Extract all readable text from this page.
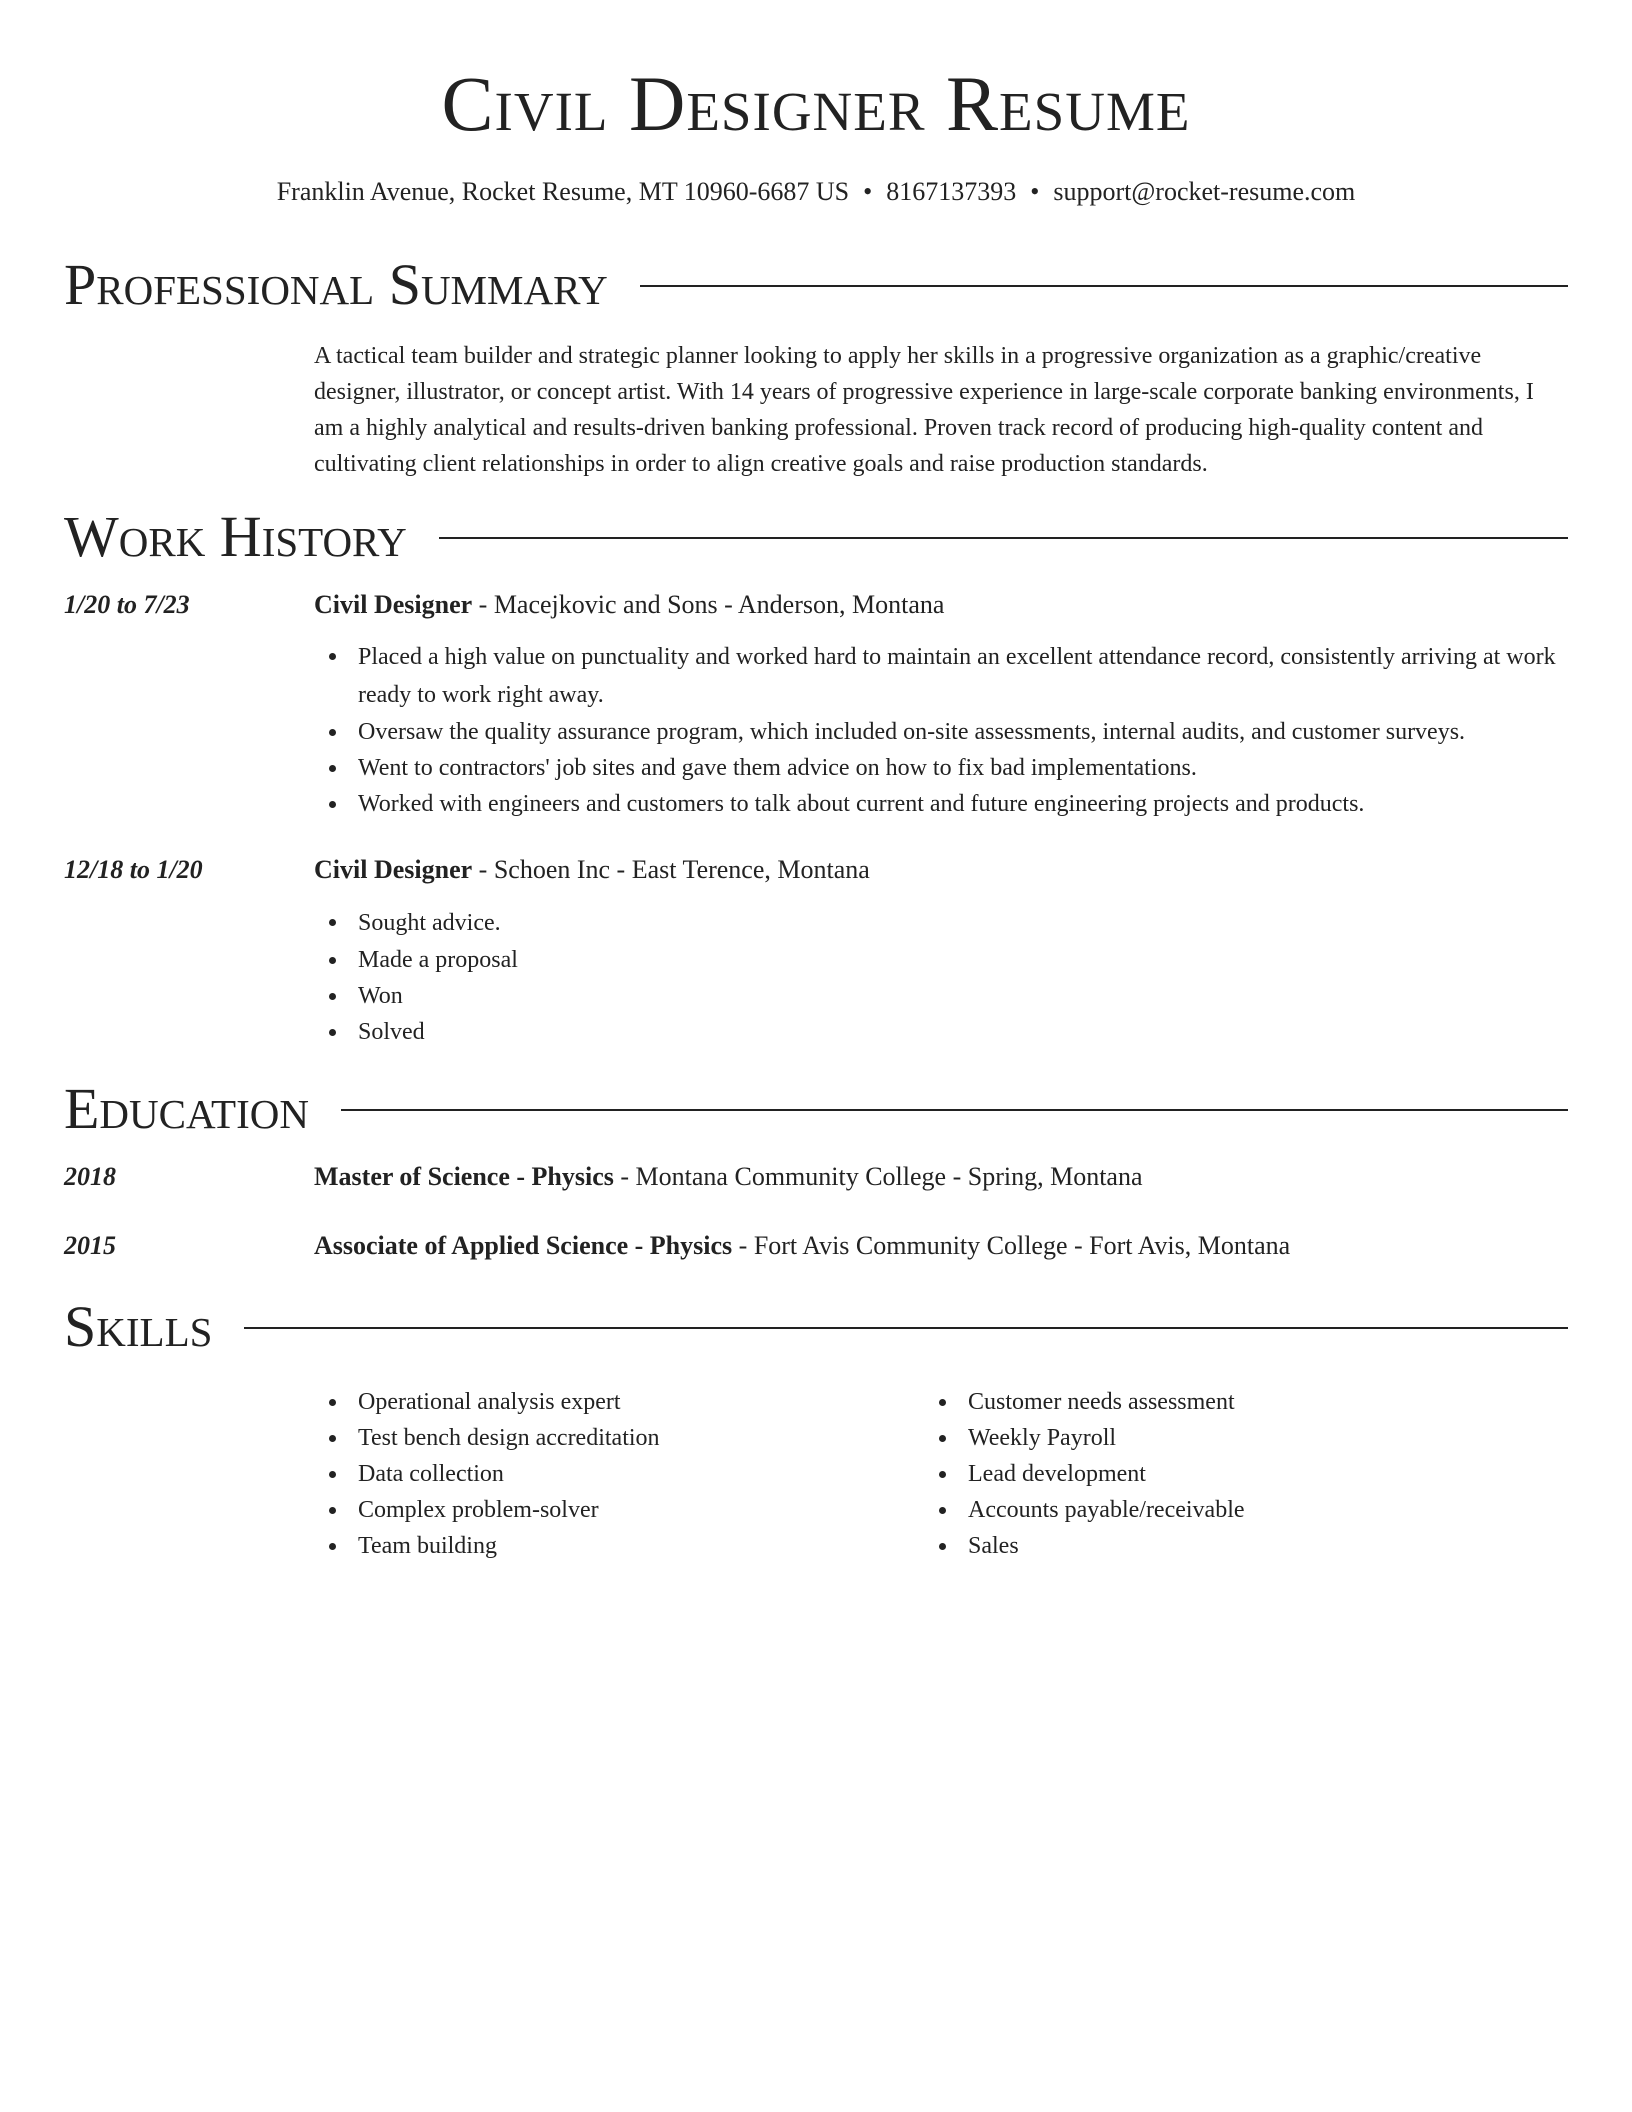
Civil Designer Resume
Franklin Avenue, Rocket Resume, MT 10960-6687 US • 8167137393 • support@rocket-resume.com
Professional Summary
A tactical team builder and strategic planner looking to apply her skills in a progressive organization as a graphic/creative designer, illustrator, or concept artist. With 14 years of progressive experience in large-scale corporate banking environments, I am a highly analytical and results-driven banking professional. Proven track record of producing high-quality content and cultivating client relationships in order to align creative goals and raise production standards.
Work History
1/20 to 7/23	Civil Designer - Macejkovic and Sons - Anderson, Montana
Placed a high value on punctuality and worked hard to maintain an excellent attendance record, consistently arriving at work ready to work right away.
Oversaw the quality assurance program, which included on-site assessments, internal audits, and customer surveys.
Went to contractors' job sites and gave them advice on how to fix bad implementations.
Worked with engineers and customers to talk about current and future engineering projects and products.
12/18 to 1/20	Civil Designer - Schoen Inc - East Terence, Montana
Sought advice.
Made a proposal
Won
Solved
Education
2018	Master of Science - Physics - Montana Community College - Spring, Montana
2015	Associate of Applied Science - Physics - Fort Avis Community College - Fort Avis, Montana
Skills
Operational analysis expert
Test bench design accreditation
Data collection
Complex problem-solver
Team building
Customer needs assessment
Weekly Payroll
Lead development
Accounts payable/receivable
Sales
